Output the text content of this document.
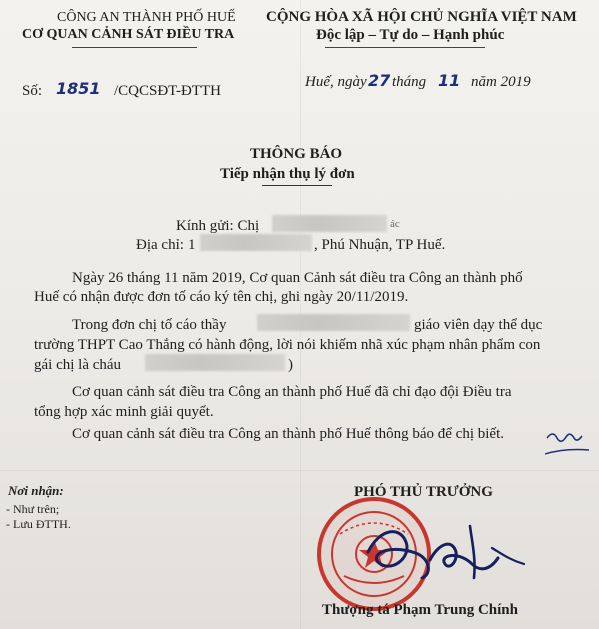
CÔNG AN THÀNH PHỐ HUẾ
CƠ QUAN CẢNH SÁT ĐIỀU TRA
Số: 1851 /CQCSĐT-ĐTTH
CỘNG HÒA XÃ HỘI CHỦ NGHĨA VIỆT NAM
Độc lập – Tự do – Hạnh phúc
Huế, ngày 27 tháng 11 năm 2019
THÔNG BÁO
Tiếp nhận thụ lý đơn
Kính gửi: Chị	ác
Địa chỉ: 1	, Phú Nhuận, TP Huế.
Ngày 26 tháng 11 năm 2019, Cơ quan Cảnh sát điều tra Công an thành phố
Huế có nhận được đơn tố cáo ký tên chị, ghi ngày 20/11/2019.
Trong đơn chị tố cáo thầy	giáo viên dạy thể dục
trường THPT Cao Thắng có hành động, lời nói khiếm nhã xúc phạm nhân phẩm con
gái chị là cháu	)
Cơ quan cảnh sát điều tra Công an thành phố Huế đã chỉ đạo đội Điều tra
tổng hợp xác minh giải quyết.
Cơ quan cảnh sát điều tra Công an thành phố Huế thông báo để chị biết.
Nơi nhận:
- Như trên;
- Lưu ĐTTH.
PHÓ THỦ TRƯỞNG
Thượng tá Phạm Trung Chính
